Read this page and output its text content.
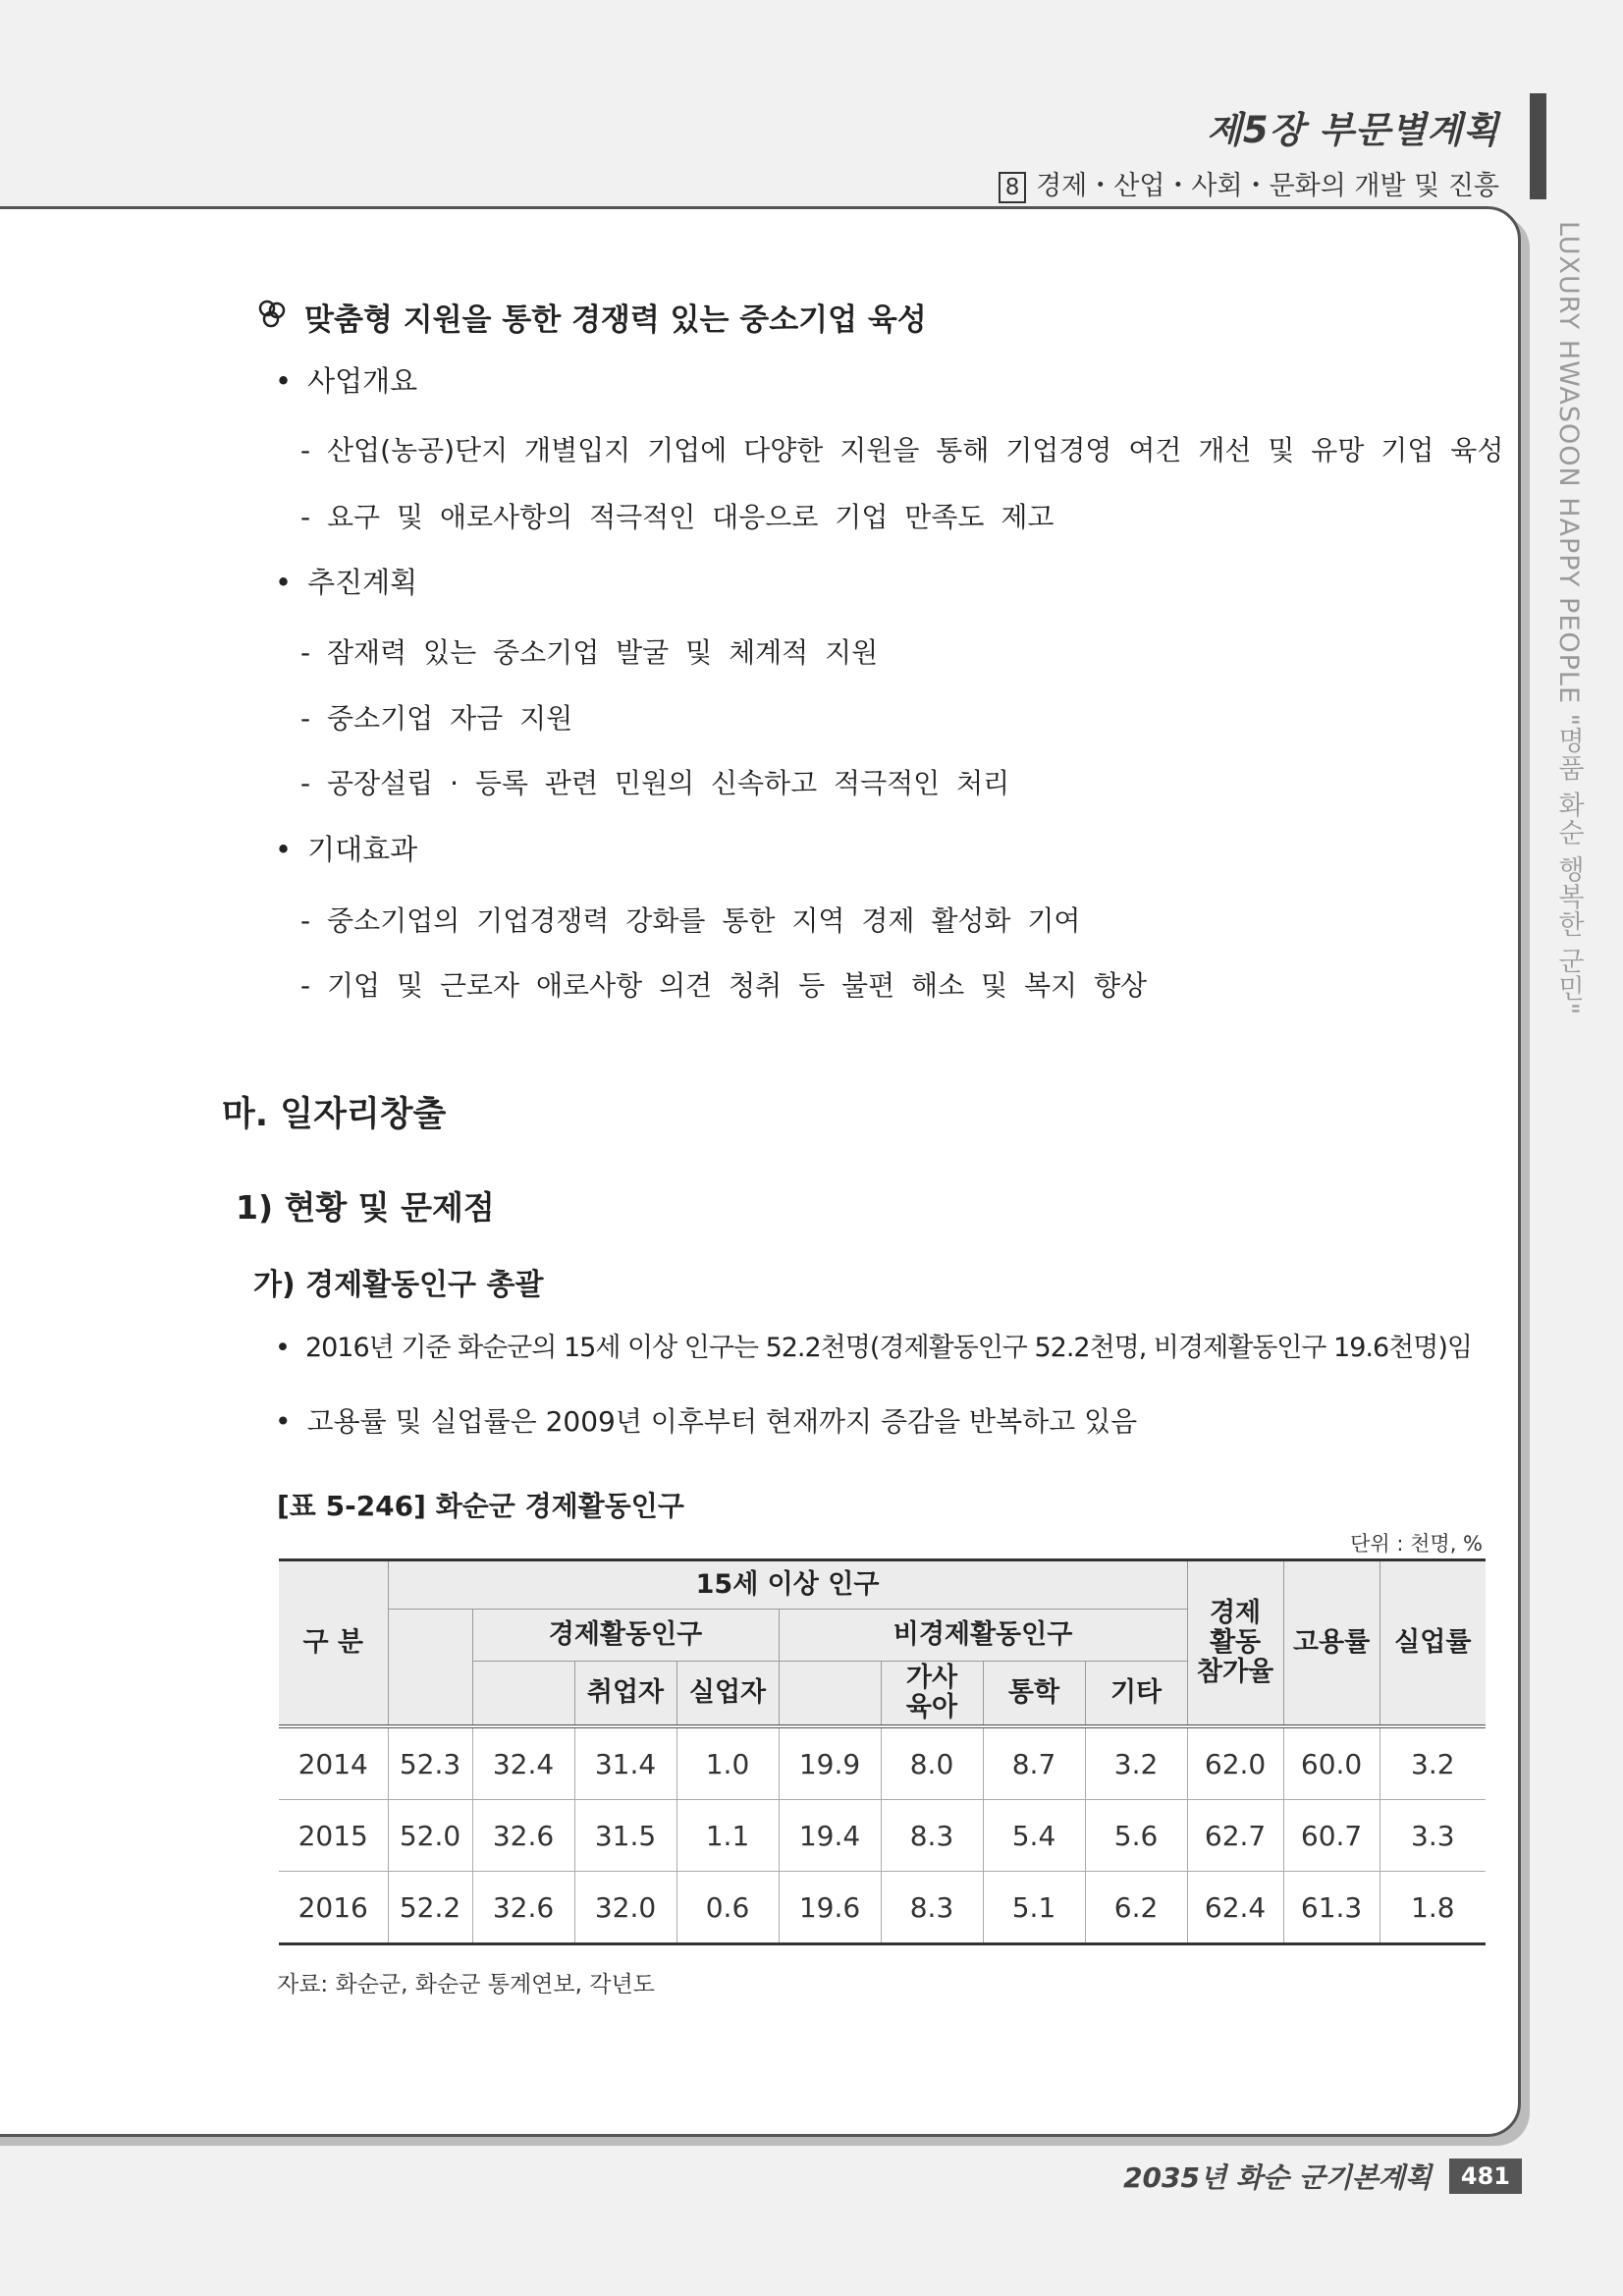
제5장 부문별계획
8 경제・산업・사회・문화의 개발 및 진흥
LUXURY HWASOON HAPPY PEOPLE "명품 화순 행복한 군민"
맞춤형 지원을 통한 경쟁력 있는 중소기업 육성
• 사업개요
- 산업(농공)단지 개별입지 기업에 다양한 지원을 통해 기업경영 여건 개선 및 유망 기업 육성
- 요구 및 애로사항의 적극적인 대응으로 기업 만족도 제고
• 추진계획
- 잠재력 있는 중소기업 발굴 및 체계적 지원
- 중소기업 자금 지원
- 공장설립 · 등록 관련 민원의 신속하고 적극적인 처리
• 기대효과
- 중소기업의 기업경쟁력 강화를 통한 지역 경제 활성화 기여
- 기업 및 근로자 애로사항 의견 청취 등 불편 해소 및 복지 향상
마. 일자리창출
1) 현황 및 문제점
가) 경제활동인구 총괄
• 2016년 기준 화순군의 15세 이상 인구는 52.2천명(경제활동인구 52.2천명, 비경제활동인구 19.6천명)임
• 고용률 및 실업률은 2009년 이후부터 현재까지 증감을 반복하고 있음
[표 5-246] 화순군 경제활동인구
단위 : 천명, %
구 분	15세 이상 인구								경제
활동
참가율	고용률	실업률
		경제활동인구			비경제활동인구						
			취업자	실업자		가사
육아	통학	기타			
2014	52.3	32.4	31.4	1.0	19.9	8.0	8.7	3.2	62.0	60.0	3.2
2015	52.0	32.6	31.5	1.1	19.4	8.3	5.4	5.6	62.7	60.7	3.3
2016	52.2	32.6	32.0	0.6	19.6	8.3	5.1	6.2	62.4	61.3	1.8
자료: 화순군, 화순군 통계연보, 각년도
2035년 화순 군기본계획	481
